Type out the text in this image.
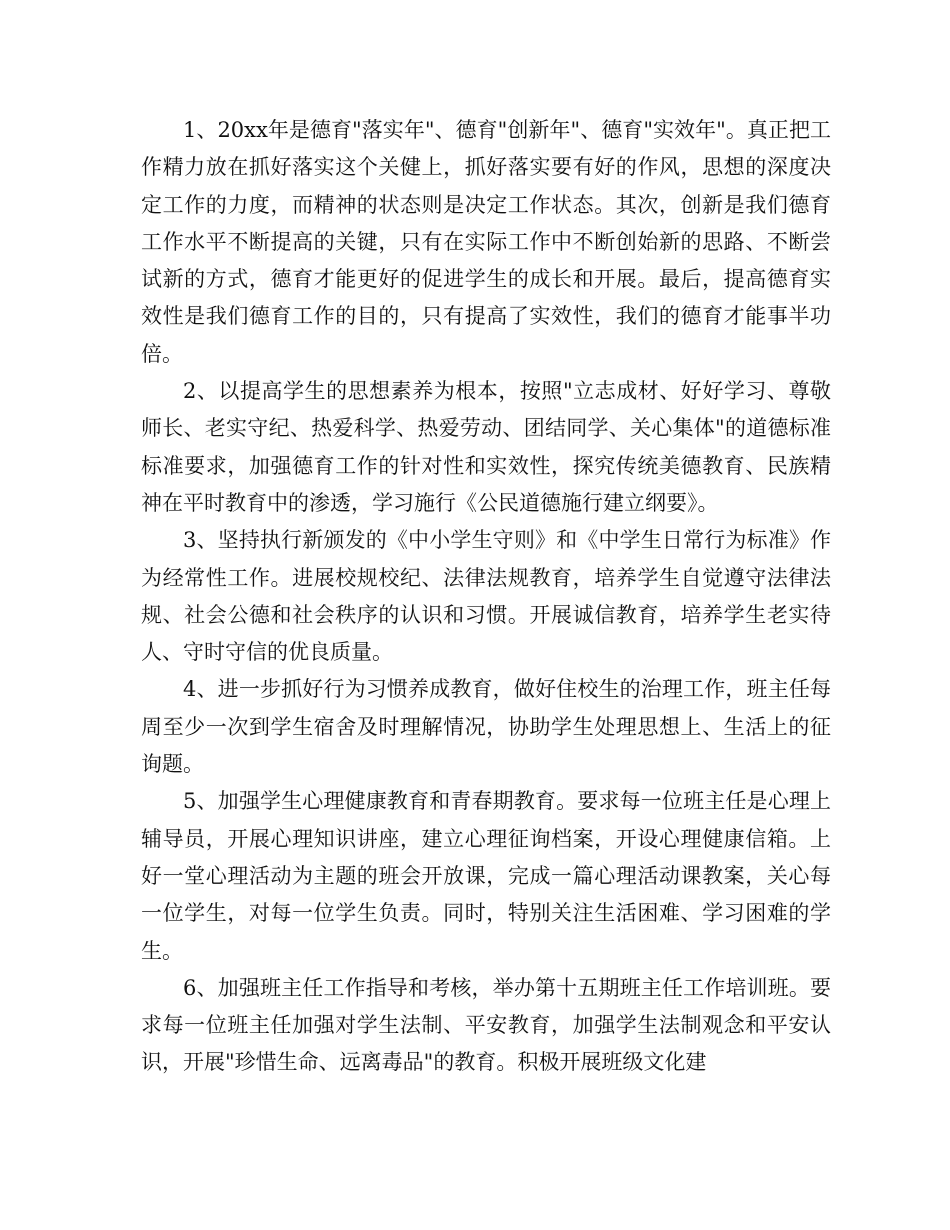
1、20xx年是德育"落实年"、德育"创新年"、德育"实效年"。真正把工作精力放在抓好落实这个关健上，抓好落实要有好的作风，思想的深度决定工作的力度，而精神的状态则是决定工作状态。其次，创新是我们德育工作水平不断提高的关键，只有在实际工作中不断创始新的思路、不断尝试新的方式，德育才能更好的促进学生的成长和开展。最后，提高德育实效性是我们德育工作的目的，只有提高了实效性，我们的德育才能事半功倍。

2、以提高学生的思想素养为根本，按照"立志成材、好好学习、尊敬师长、老实守纪、热爱科学、热爱劳动、团结同学、关心集体"的道德标准标准要求，加强德育工作的针对性和实效性，探究传统美德教育、民族精神在平时教育中的渗透，学习施行《公民道德施行建立纲要》。

3、坚持执行新颁发的《中小学生守则》和《中学生日常行为标准》作为经常性工作。进展校规校纪、法律法规教育，培养学生自觉遵守法律法规、社会公德和社会秩序的认识和习惯。开展诚信教育，培养学生老实待人、守时守信的优良质量。

4、进一步抓好行为习惯养成教育，做好住校生的治理工作，班主任每周至少一次到学生宿舍及时理解情况，协助学生处理思想上、生活上的征询题。

5、加强学生心理健康教育和青春期教育。要求每一位班主任是心理上辅导员，开展心理知识讲座，建立心理征询档案，开设心理健康信箱。上好一堂心理活动为主题的班会开放课，完成一篇心理活动课教案，关心每一位学生，对每一位学生负责。同时，特别关注生活困难、学习困难的学生。

6、加强班主任工作指导和考核，举办第十五期班主任工作培训班。要求每一位班主任加强对学生法制、平安教育，加强学生法制观念和平安认识，开展"珍惜生命、远离毒品"的教育。积极开展班级文化建
